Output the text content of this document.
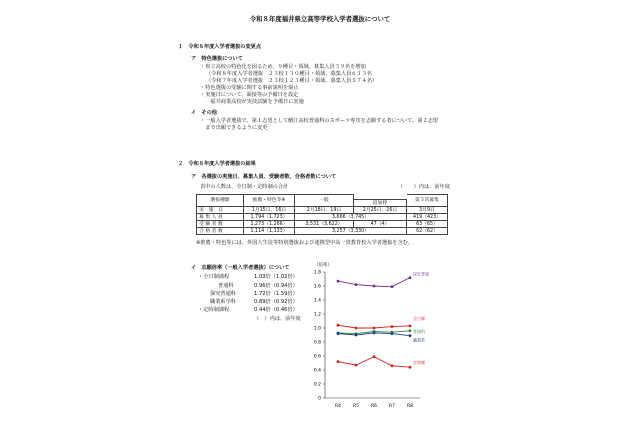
令和８年度福井県立高等学校入学者選抜について
１　令和８年度入学者選抜の変更点
ア　特色選抜について
・県立高校の特色化を図るため、９種目・領域、募集人員３９名を増加
（令和８年度入学者選抜　２３校１３０種目・領域、募集人員６１３名
（令和７年度入学者選抜　２３校１２３種目・領域、募集人員５７４名）
・特色選抜の受験に関する事前説明を廃止
・実施日について、面接等の予備日を設定
　　福井商業高校が実技試験を予備日に実施
イ　その他
・一般入学者選抜で、第１志望として鯖江高校普通科のスポーツ専攻を志願する者について、第２志望
　まで出願できるように変更
２　令和８年度入学者選抜の結果
ア　各選抜の実施日、募集人員、受験者数、合格者数について
表中の人数は、全日制・定時制の合計	（　　）内は、前年度
選抜種類	推薦・特色等※	一般		第３次募集
			追加枠	
実　施　日	1月15日、16日	2月18日、19日	2月25日、26日	3月9日
募 集 人 員	1,794（1,723）	3,666（3,745）		419（423）
受 験 者 数	1,273（1,266）	3,531（3,622）	47（4）	63（65）
合 格 者 数	1,114（1,133）	3,257（3,330）		62（62）
※推薦・特色等には、外国人生徒等特別選抜および連携型中高一貫教育校入学者選抜を含む。
イ　志願倍率（一般入学者選抜）について
・全日制課程	1.03倍（1.02倍）
普通科	0.96倍（0.94倍）
探究普通科	1.72倍（1.59倍）
職業系学科	0.89倍（0.92倍）
・定時制課程	0.44倍（0.46倍）
（　）内は、前年度
（倍率）
1.8
1.6
1.4
1.2
1.0
0.8
0.6
0.4
0.2
0
R4	R5	R6	R7	R8
探究普通
全日制
普通科
職業系
定時制
